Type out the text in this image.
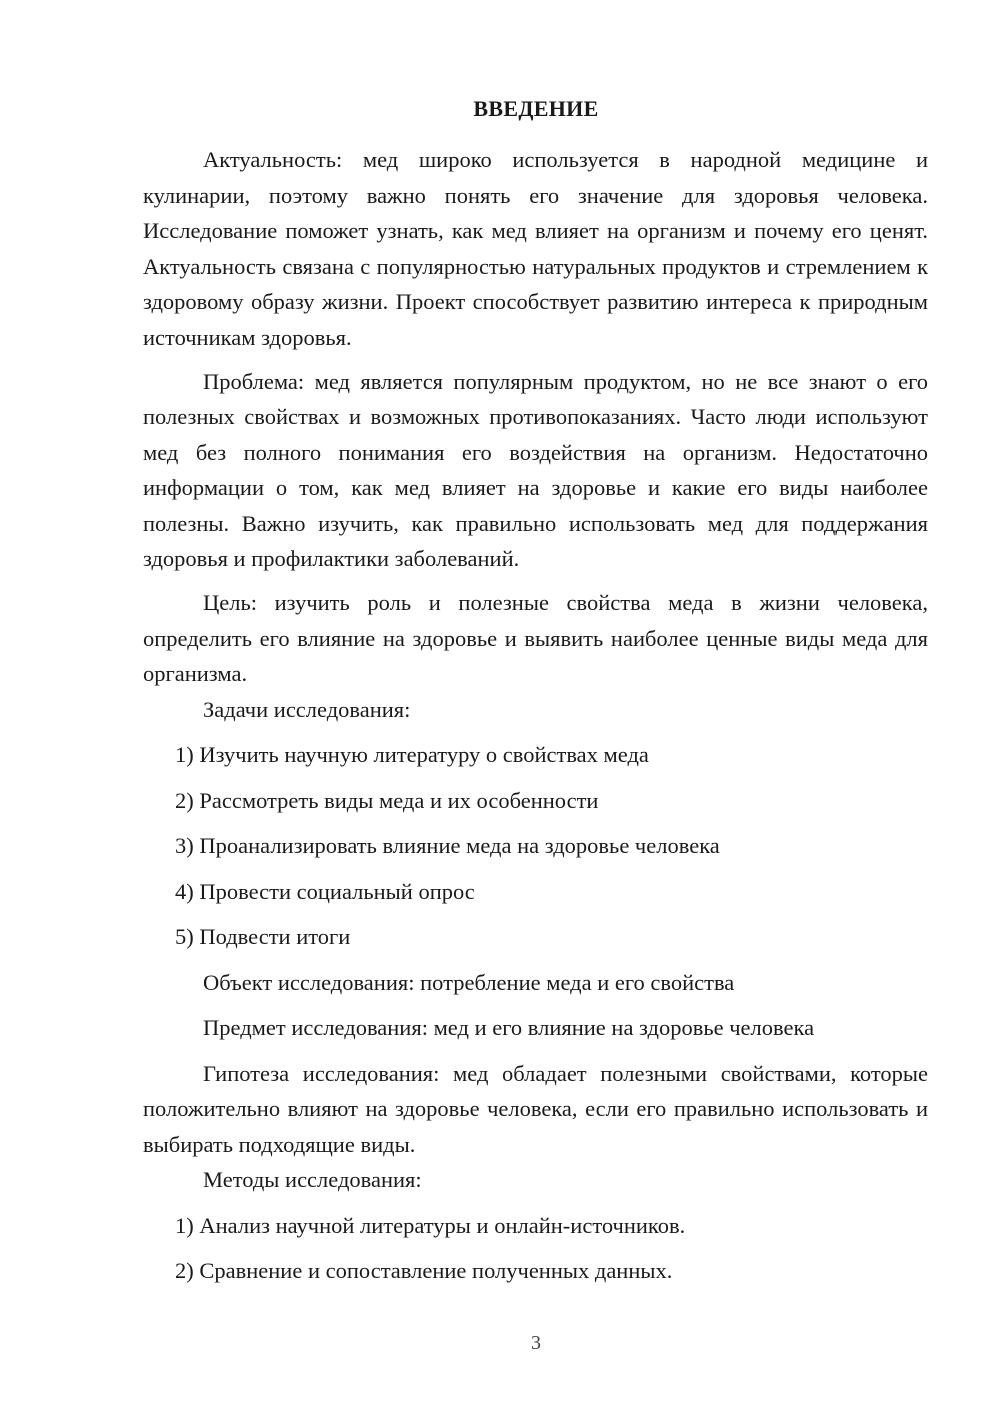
ВВЕДЕНИЕ

Актуальность: мед широко используется в народной медицине и кулинарии, поэтому важно понять его значение для здоровья человека. Исследование поможет узнать, как мед влияет на организм и почему его ценят. Актуальность связана с популярностью натуральных продуктов и стремлением к здоровому образу жизни. Проект способствует развитию интереса к природным источникам здоровья.

Проблема: мед является популярным продуктом, но не все знают о его полезных свойствах и возможных противопоказаниях. Часто люди используют мед без полного понимания его воздействия на организм. Недостаточно информации о том, как мед влияет на здоровье и какие его виды наиболее полезны. Важно изучить, как правильно использовать мед для поддержания здоровья и профилактики заболеваний.

Цель: изучить роль и полезные свойства меда в жизни человека, определить его влияние на здоровье и выявить наиболее ценные виды меда для организма.

Задачи исследования:

1) Изучить научную литературу о свойствах меда

2) Рассмотреть виды меда и их особенности

3) Проанализировать влияние меда на здоровье человека

4) Провести социальный опрос

5) Подвести итоги

Объект исследования: потребление меда и его свойства

Предмет исследования: мед и его влияние на здоровье человека

Гипотеза исследования: мед обладает полезными свойствами, которые положительно влияют на здоровье человека, если его правильно использовать и выбирать подходящие виды.

Методы исследования:

1) Анализ научной литературы и онлайн-источников.

2) Сравнение и сопоставление полученных данных.

3
